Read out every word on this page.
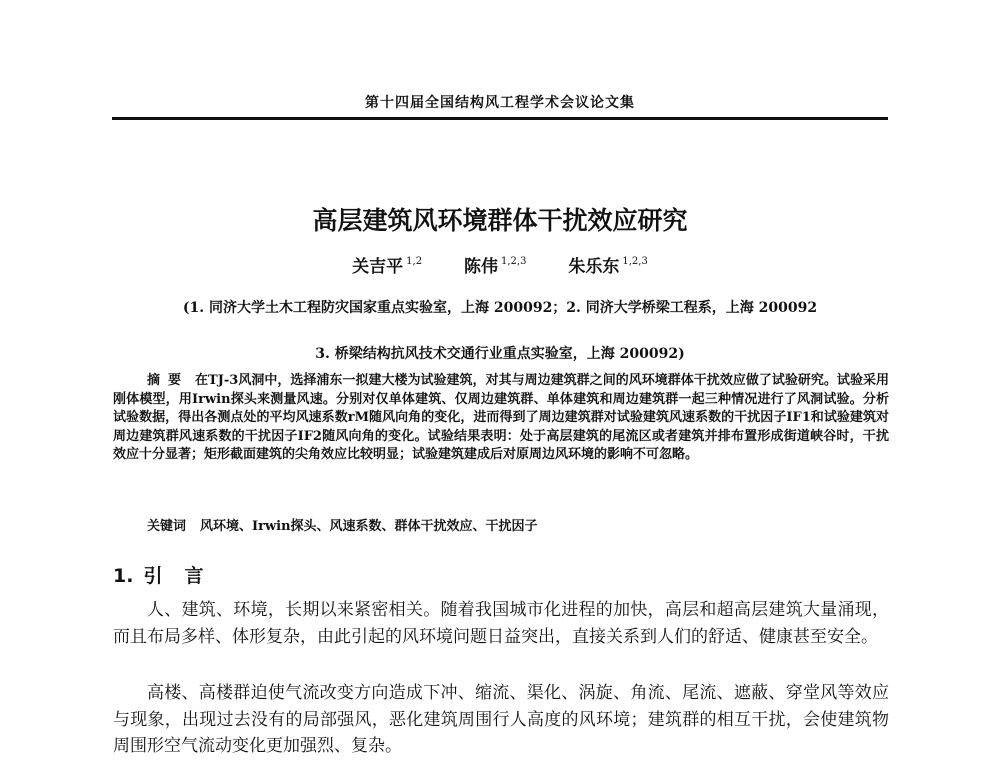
第十四届全国结构风工程学术会议论文集
高层建筑风环境群体干扰效应研究
关吉平 $^{1,2}$ 陈伟 $^{1,2,3}$ 朱乐东 $^{1,2,3}$
(1. 同济大学土木工程防灾国家重点实验室，上海 200092；2. 同济大学桥梁工程系，上海 200092
3. 桥梁结构抗风技术交通行业重点实验室，上海 200092)
摘要 在TJ-3风洞中，选择浦东一拟建大楼为试验建筑，对其与周边建筑群之间的风环境群体干扰效应做了试验研究。试验采用刚体模型，用Irwin探头来测量风速。分别对仅单体建筑、仅周边建筑群、单体建筑和周边建筑群一起三种情况进行了风洞试验。分析试验数据，得出各测点处的平均风速系数rM随风向角的变化，进而得到了周边建筑群对试验建筑风速系数的干扰因子IF1和试验建筑对周边建筑群风速系数的干扰因子IF2随风向角的变化。试验结果表明：处于高层建筑的尾流区或者建筑并排布置形成街道峡谷时，干扰效应十分显著；矩形截面建筑的尖角效应比较明显；试验建筑建成后对原周边风环境的影响不可忽略。
关键词 风环境、Irwin探头、风速系数、群体干扰效应、干扰因子
1. 引言
人、建筑、环境，长期以来紧密相关。随着我国城市化进程的加快，高层和超高层建筑大量涌现，而且布局多样、体形复杂，由此引起的风环境问题日益突出，直接关系到人们的舒适、健康甚至安全。
高楼、高楼群迫使气流改变方向造成下冲、缩流、渠化、涡旋、角流、尾流、遮蔽、穿堂风等效应与现象，出现过去没有的局部强风，恶化建筑周围行人高度的风环境；建筑群的相互干扰，会使建筑物周围形空气流动变化更加强烈、复杂。
